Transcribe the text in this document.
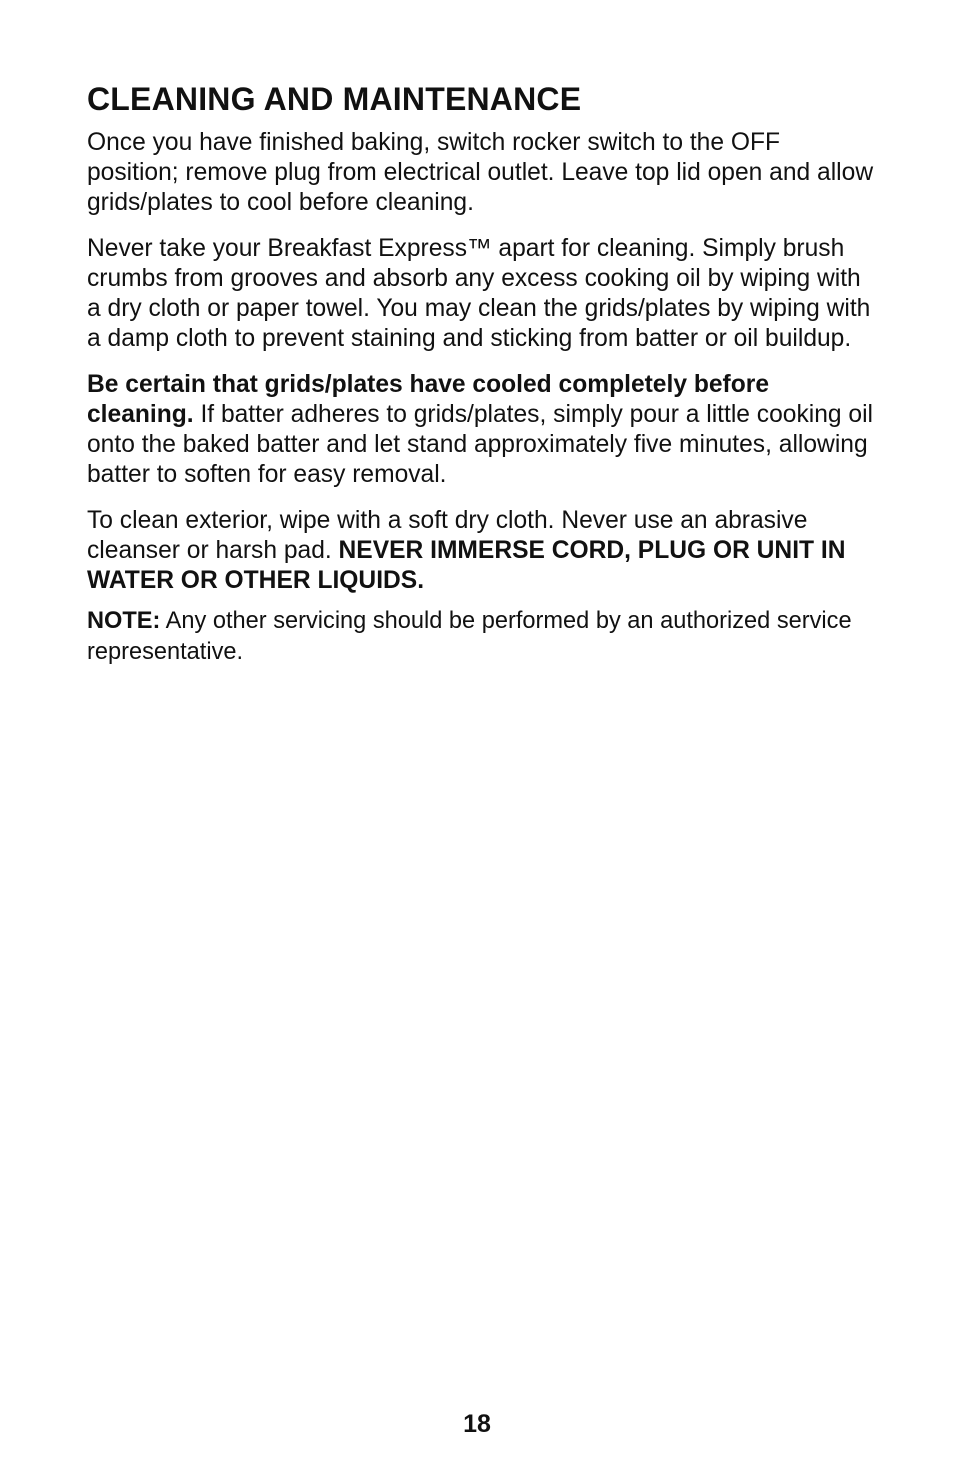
CLEANING AND MAINTENANCE

Once you have finished baking, switch rocker switch to the OFF position; remove plug from electrical outlet. Leave top lid open and allow grids/plates to cool before cleaning.

Never take your Breakfast Express™ apart for cleaning. Simply brush crumbs from grooves and absorb any excess cooking oil by wiping with a dry cloth or paper towel. You may clean the grids/plates by wiping with a damp cloth to prevent staining and sticking from batter or oil buildup.

Be certain that grids/plates have cooled completely before cleaning. If batter adheres to grids/plates, simply pour a little cooking oil onto the baked batter and let stand approximately five minutes, allowing batter to soften for easy removal.

To clean exterior, wipe with a soft dry cloth. Never use an abrasive cleanser or harsh pad. NEVER IMMERSE CORD, PLUG OR UNIT IN WATER OR OTHER LIQUIDS.

NOTE: Any other servicing should be performed by an authorized service representative.

18
